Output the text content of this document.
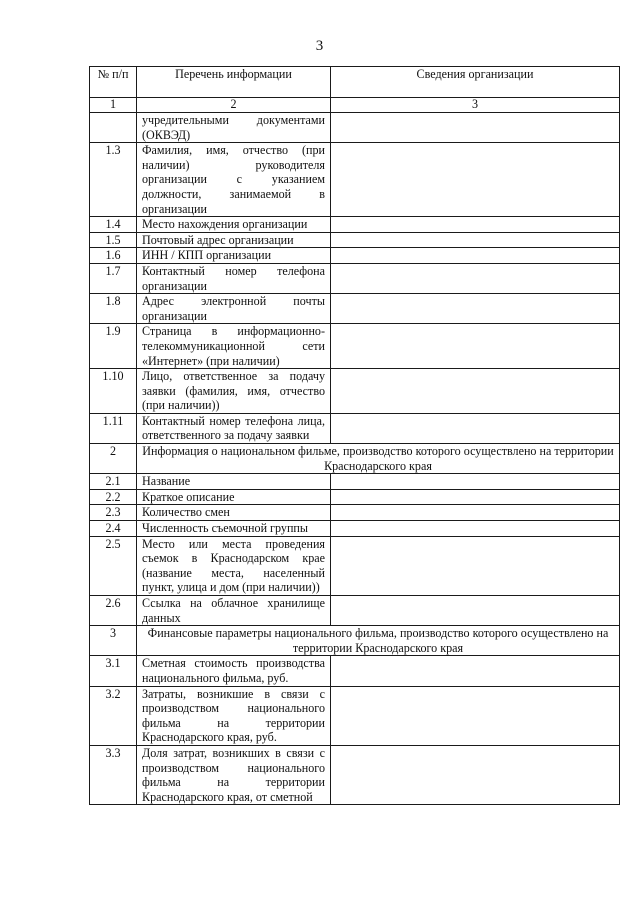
3
№ п/п	Перечень информации	Сведения организации
1	2	3
	учредительными документами (ОКВЭД)	
1.3	Фамилия, имя, отчество (при наличии) руководителя организации с указанием должности, занимаемой в организации	
1.4	Место нахождения организации	
1.5	Почтовый адрес организации	
1.6	ИНН / КПП организации	
1.7	Контактный номер телефона организации	
1.8	Адрес электронной почты организации	
1.9	Страница в информационно-телекоммуникационной сети «Интернет» (при наличии)	
1.10	Лицо, ответственное за подачу заявки (фамилия, имя, отчество (при наличии))	
1.11	Контактный номер телефона лица, ответственного за подачу заявки	
2	Информация о национальном фильме, производство которого осуществлено на территории Краснодарского края	
2.1	Название	
2.2	Краткое описание	
2.3	Количество смен	
2.4	Численность съемочной группы	
2.5	Место или места проведения съемок в Краснодарском крае (название места, населенный пункт, улица и дом (при наличии))	
2.6	Ссылка на облачное хранилище данных	
3	Финансовые параметры национального фильма, производство которого осуществлено на территории Краснодарского края	
3.1	Сметная стоимость производства национального фильма, руб.	
3.2	Затраты, возникшие в связи с производством национального фильма на территории Краснодарского края, руб.	
3.3	Доля затрат, возникших в связи с производством национального фильма на территории Краснодарского края, от сметной	
